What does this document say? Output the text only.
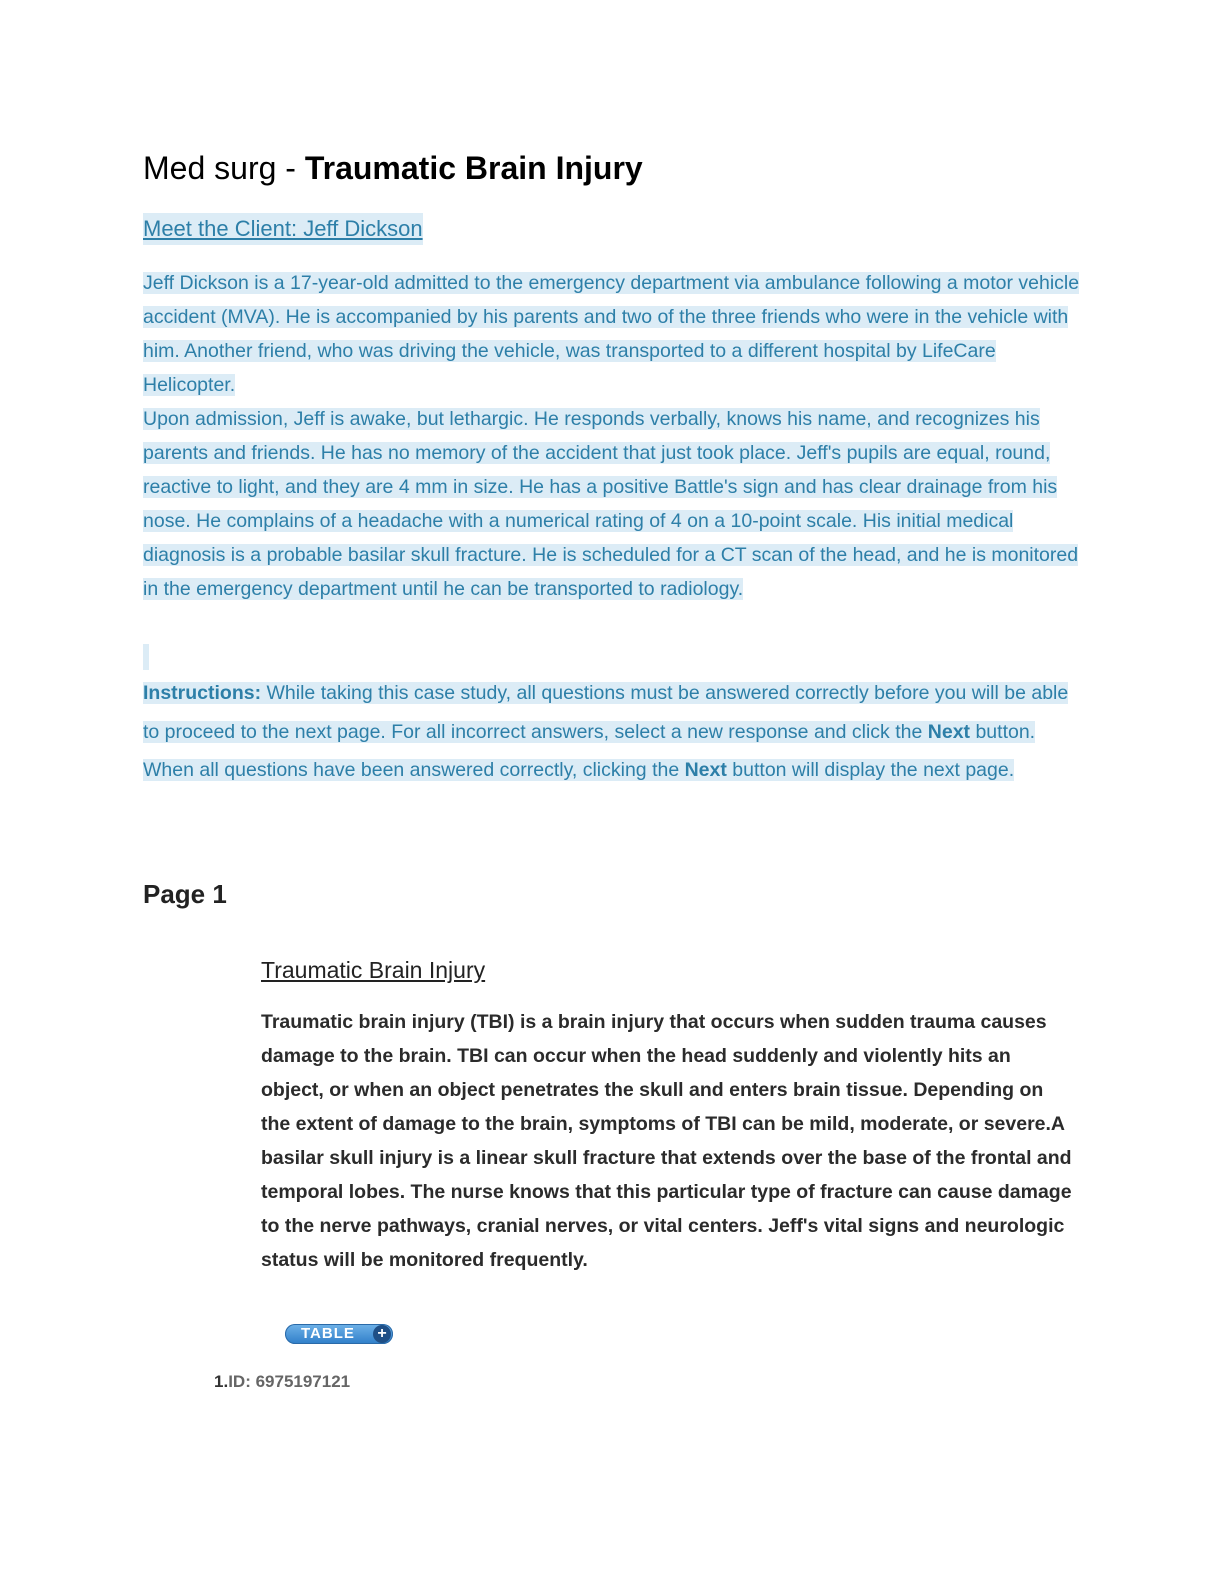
Med surg - Traumatic Brain Injury
Meet the Client: Jeff Dickson

Jeff Dickson is a 17-year-old admitted to the emergency department via ambulance following a motor vehicle accident (MVA). He is accompanied by his parents and two of the three friends who were in the vehicle with him. Another friend, who was driving the vehicle, was transported to a different hospital by LifeCare Helicopter.

Upon admission, Jeff is awake, but lethargic. He responds verbally, knows his name, and recognizes his parents and friends. He has no memory of the accident that just took place. Jeff's pupils are equal, round, reactive to light, and they are 4 mm in size. He has a positive Battle's sign and has clear drainage from his nose. He complains of a headache with a numerical rating of 4 on a 10-point scale. His initial medical diagnosis is a probable basilar skull fracture. He is scheduled for a CT scan of the head, and he is monitored in the emergency department until he can be transported to radiology.

Instructions: While taking this case study, all questions must be answered correctly before you will be able to proceed to the next page. For all incorrect answers, select a new response and click the Next button. When all questions have been answered correctly, clicking the Next button will display the next page.
Page 1
Traumatic Brain Injury
Traumatic brain injury (TBI) is a brain injury that occurs when sudden trauma causes damage to the brain. TBI can occur when the head suddenly and violently hits an object, or when an object penetrates the skull and enters brain tissue. Depending on the extent of damage to the brain, symptoms of TBI can be mild, moderate, or severe.A basilar skull injury is a linear skull fracture that extends over the base of the frontal and temporal lobes. The nurse knows that this particular type of fracture can cause damage to the nerve pathways, cranial nerves, or vital centers. Jeff's vital signs and neurologic status will be monitored frequently.
TABLE +
1.ID: 6975197121
